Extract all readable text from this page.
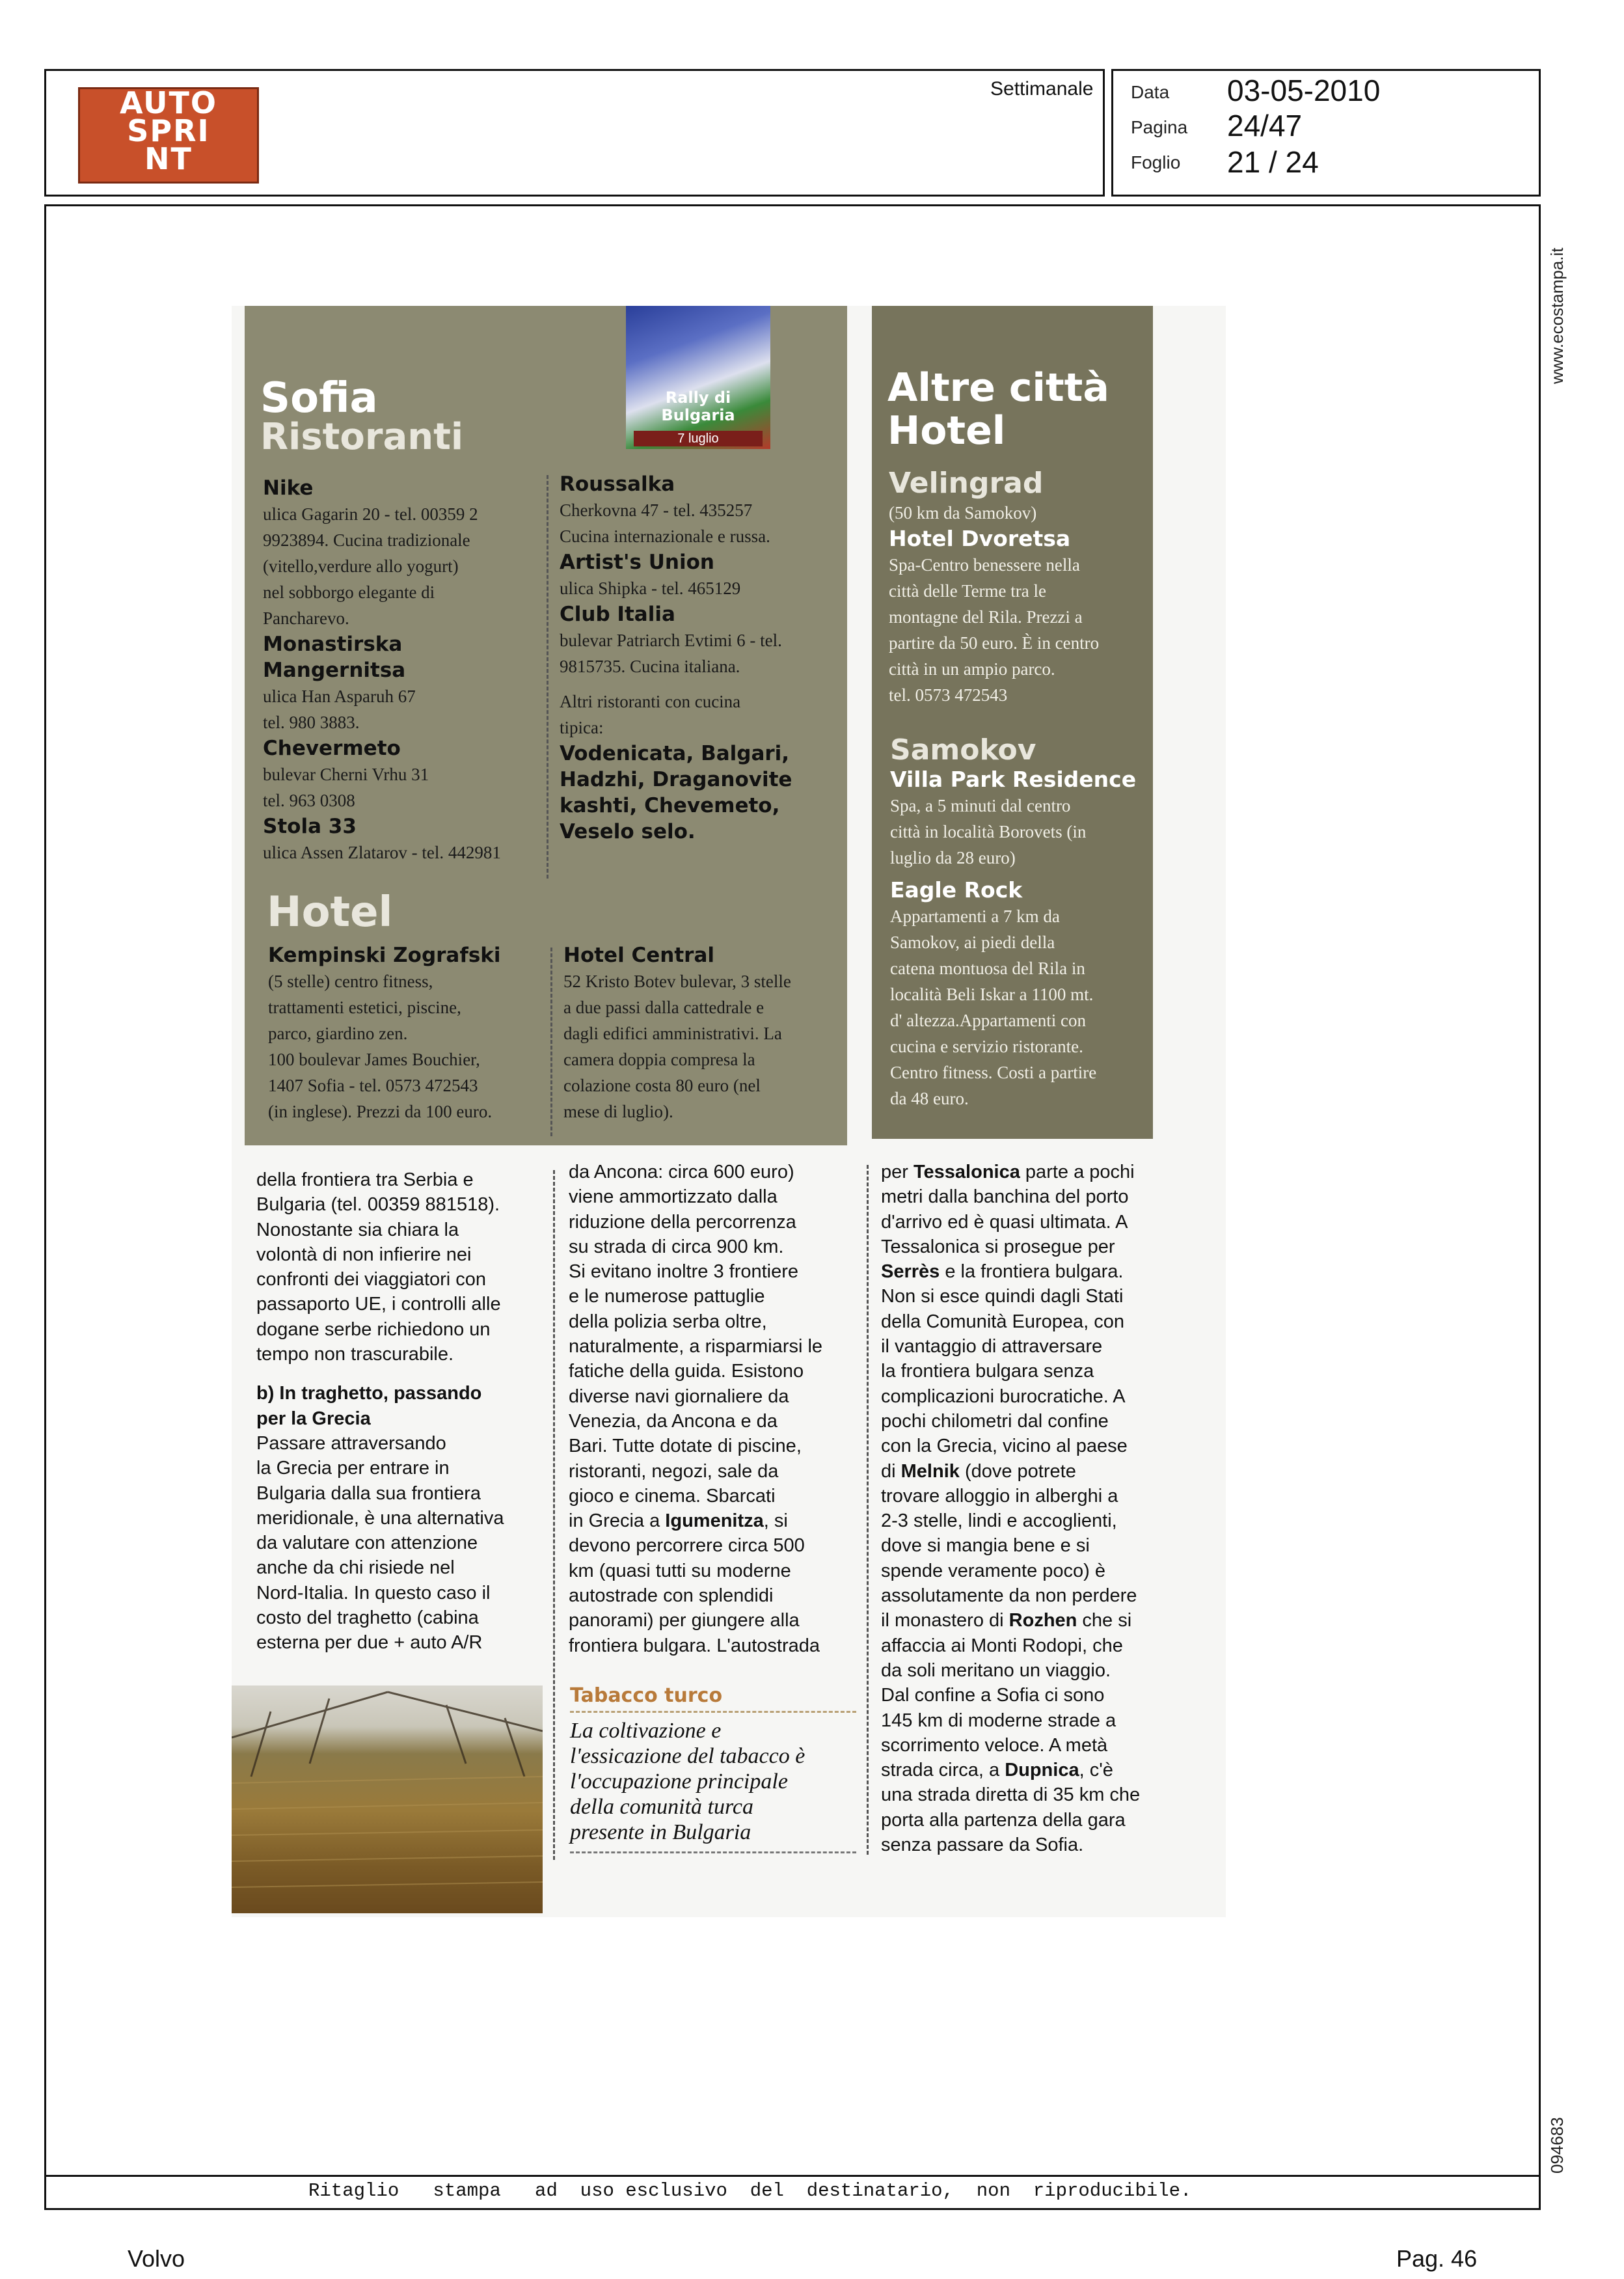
AUTO
SPRI
NT
Settimanale Data
Pagina
Foglio
03-05-2010
24/47
21 / 24
www.ecostampa.it
094683
Ritaglio   stampa   ad  uso esclusivo  del  destinatario,  non  riproducibile.
Volvo	Pag. 46
Rally di
Bulgaria
7 luglio
Sofia
Ristoranti
Nike
ulica Gagarin 20 - tel. 00359 2
9923894. Cucina tradizionale
(vitello,verdure allo yogurt)
nel sobborgo elegante di
Pancharevo.
Monastirska
Mangernitsa
ulica Han Asparuh 67
tel. 980 3883.
Chevermeto
bulevar Cherni Vrhu 31
tel. 963 0308
Stola 33
ulica Assen Zlatarov - tel. 442981
Roussalka
Cherkovna 47 - tel. 435257
Cucina internazionale e russa.
Artist's Union
ulica Shipka - tel. 465129
Club Italia
bulevar Patriarch Evtimi 6 - tel.
9815735. Cucina italiana.
Altri ristoranti con cucina
tipica:
Vodenicata, Balgari,
Hadzhi, Draganovite
kashti, Chevemeto,
Veselo selo.
Hotel
Kempinski Zografski
(5 stelle) centro fitness,
trattamenti estetici, piscine,
parco, giardino zen.
100 boulevar James Bouchier,
1407 Sofia - tel. 0573 472543
(in inglese). Prezzi da 100 euro.
Hotel Central
52 Kristo Botev bulevar, 3 stelle
a due passi dalla cattedrale e
dagli edifici amministrativi. La
camera doppia compresa la
colazione costa 80 euro (nel
mese di luglio).
Altre città
Hotel
Velingrad
(50 km da Samokov)
Hotel Dvoretsa
Spa-Centro benessere nella
città delle Terme tra le
montagne del Rila. Prezzi a
partire da 50 euro. È in centro
città in un ampio parco.
tel. 0573 472543
Samokov
Villa Park Residence
Spa, a 5 minuti dal centro
città in località Borovets (in
luglio da 28 euro)
Eagle Rock
Appartamenti a 7 km da
Samokov, ai piedi della
catena montuosa del Rila in
località Beli Iskar a 1100 mt.
d' altezza.Appartamenti con
cucina e servizio ristorante.
Centro fitness. Costi a partire
da 48 euro.
della frontiera tra Serbia e
Bulgaria (tel. 00359 881518).
Nonostante sia chiara la
volontà di non infierire nei
confronti dei viaggiatori con
passaporto UE, i controlli alle
dogane serbe richiedono un
tempo non trascurabile.
b) In traghetto, passando
per la Grecia
Passare attraversando
la Grecia per entrare in
Bulgaria dalla sua frontiera
meridionale, è una alternativa
da valutare con attenzione
anche da chi risiede nel
Nord-Italia. In questo caso il
costo del traghetto (cabina
esterna per due + auto A/R
da Ancona: circa 600 euro)
viene ammortizzato dalla
riduzione della percorrenza
su strada di circa 900 km.
Si evitano inoltre 3 frontiere
e le numerose pattuglie
della polizia serba oltre,
naturalmente, a risparmiarsi le
fatiche della guida. Esistono
diverse navi giornaliere da
Venezia, da Ancona e da
Bari. Tutte dotate di piscine,
ristoranti, negozi, sale da
gioco e cinema. Sbarcati
in Grecia a Igumenitza, si
devono percorrere circa 500
km (quasi tutti su moderne
autostrade con splendidi
panorami) per giungere alla
frontiera bulgara. L'autostrada
Tabacco turco
La coltivazione e
l'essicazione del tabacco è
l'occupazione principale
della comunità turca
presente in Bulgaria
per Tessalonica parte a pochi
metri dalla banchina del porto
d'arrivo ed è quasi ultimata. A
Tessalonica si prosegue per
Serrès e la frontiera bulgara.
Non si esce quindi dagli Stati
della Comunità Europea, con
il vantaggio di attraversare
la frontiera bulgara senza
complicazioni burocratiche. A
pochi chilometri dal confine
con la Grecia, vicino al paese
di Melnik (dove potrete
trovare alloggio in alberghi a
2-3 stelle, lindi e accoglienti,
dove si mangia bene e si
spende veramente poco) è
assolutamente da non perdere
il monastero di Rozhen che si
affaccia ai Monti Rodopi, che
da soli meritano un viaggio.
Dal confine a Sofia ci sono
145 km di moderne strade a
scorrimento veloce. A metà
strada circa, a Dupnica, c'è
una strada diretta di 35 km che
porta alla partenza della gara
senza passare da Sofia.
